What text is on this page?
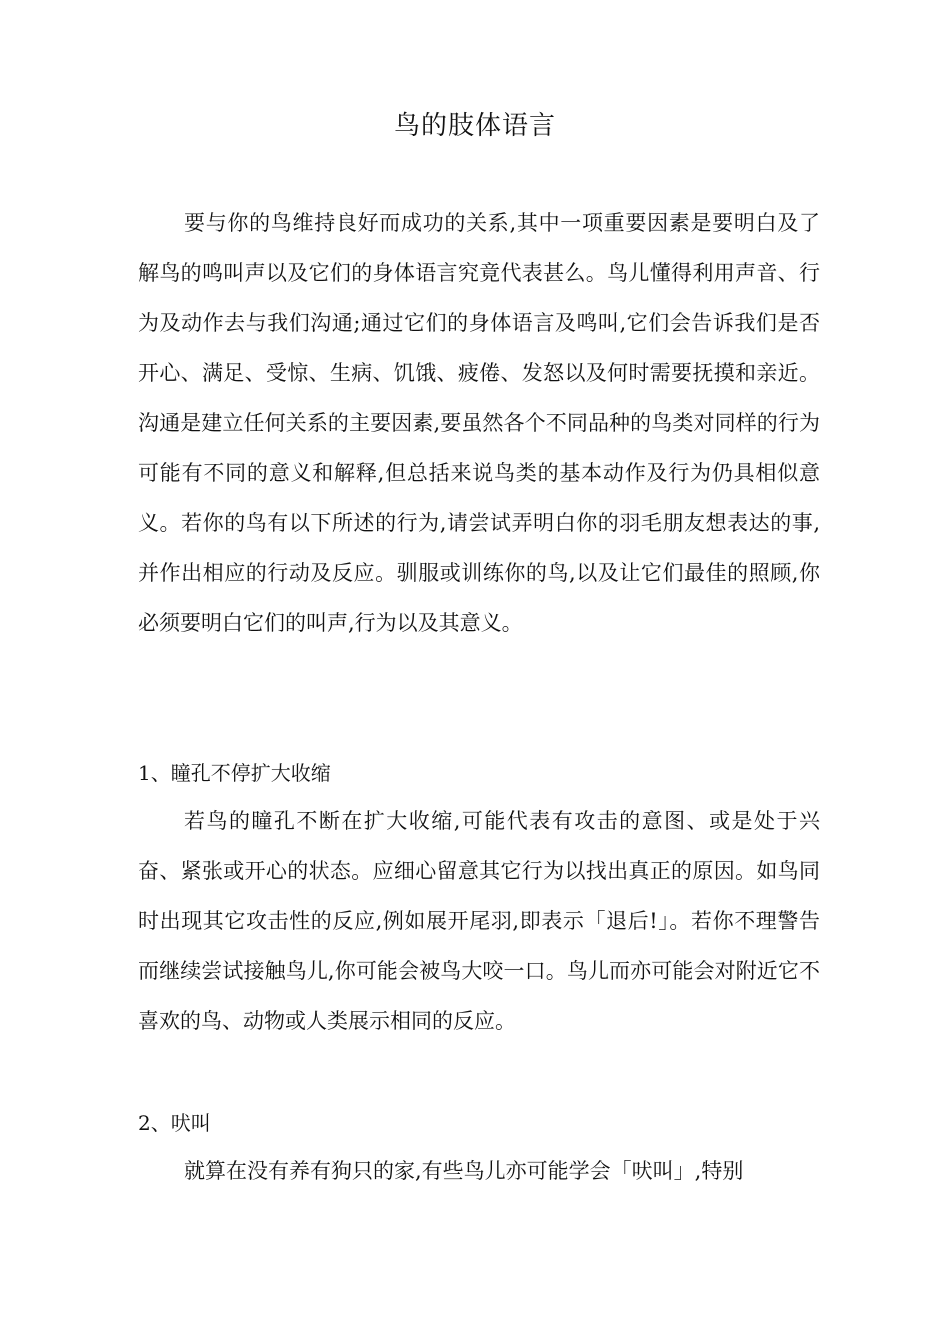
鸟的肢体语言

要与你的鸟维持良好而成功的关系,其中一项重要因素是要明白及了解鸟的鸣叫声以及它们的身体语言究竟代表甚么。鸟儿懂得利用声音、行为及动作去与我们沟通;通过它们的身体语言及鸣叫,它们会告诉我们是否开心、满足、受惊、生病、饥饿、疲倦、发怒以及何时需要抚摸和亲近。沟通是建立任何关系的主要因素,要虽然各个不同品种的鸟类对同样的行为可能有不同的意义和解释,但总括来说鸟类的基本动作及行为仍具相似意义。若你的鸟有以下所述的行为,请尝试弄明白你的羽毛朋友想表达的事,并作出相应的行动及反应。驯服或训练你的鸟,以及让它们最佳的照顾,你必须要明白它们的叫声,行为以及其意义。

1、瞳孔不停扩大收缩

若鸟的瞳孔不断在扩大收缩,可能代表有攻击的意图、或是处于兴奋、紧张或开心的状态。应细心留意其它行为以找出真正的原因。如鸟同时出现其它攻击性的反应,例如展开尾羽,即表示「退后!」。若你不理警告而继续尝试接触鸟儿,你可能会被鸟大咬一口。鸟儿而亦可能会对附近它不喜欢的鸟、动物或人类展示相同的反应。

2、吠叫

就算在没有养有狗只的家,有些鸟儿亦可能学会「吠叫」,特别
